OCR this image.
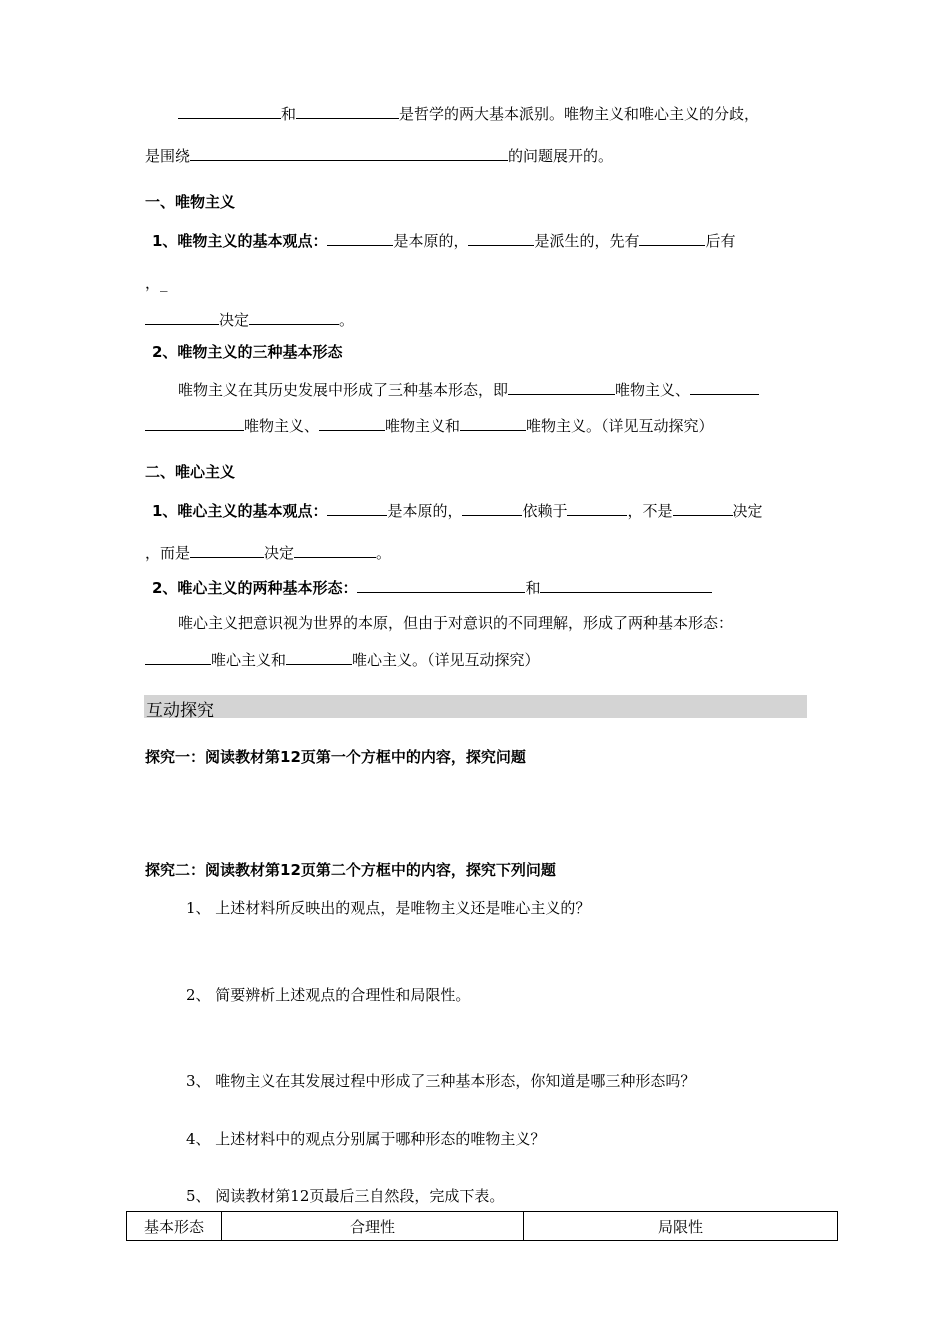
和	是哲学的两大基本派别。唯物主义和唯心主义的分歧，
是围绕	的问题展开的。
一、唯物主义
1、唯物主义的基本观点：	是本原的，	是派生的，先有	后有
，_
决定	。
2、唯物主义的三种基本形态
唯物主义在其历史发展中形成了三种基本形态，即	唯物主义、
唯物主义、	唯物主义和	唯物主义。（详见互动探究）
二、唯心主义
1、唯心主义的基本观点：	是本原的，	依赖于	，不是	决定
，而是	决定	。
2、唯心主义的两种基本形态：	和
唯心主义把意识视为世界的本原，但由于对意识的不同理解，形成了两种基本形态：
唯心主义和	唯心主义。（详见互动探究）
互动探究
探究一：阅读教材第12页第一个方框中的内容，探究问题
探究二：阅读教材第12页第二个方框中的内容，探究下列问题
1、 上述材料所反映出的观点，是唯物主义还是唯心主义的？
2、 简要辨析上述观点的合理性和局限性。
3、 唯物主义在其发展过程中形成了三种基本形态，你知道是哪三种形态吗？
4、 上述材料中的观点分别属于哪种形态的唯物主义？
5、 阅读教材第12页最后三自然段，完成下表。
基本形态	合理性	局限性
